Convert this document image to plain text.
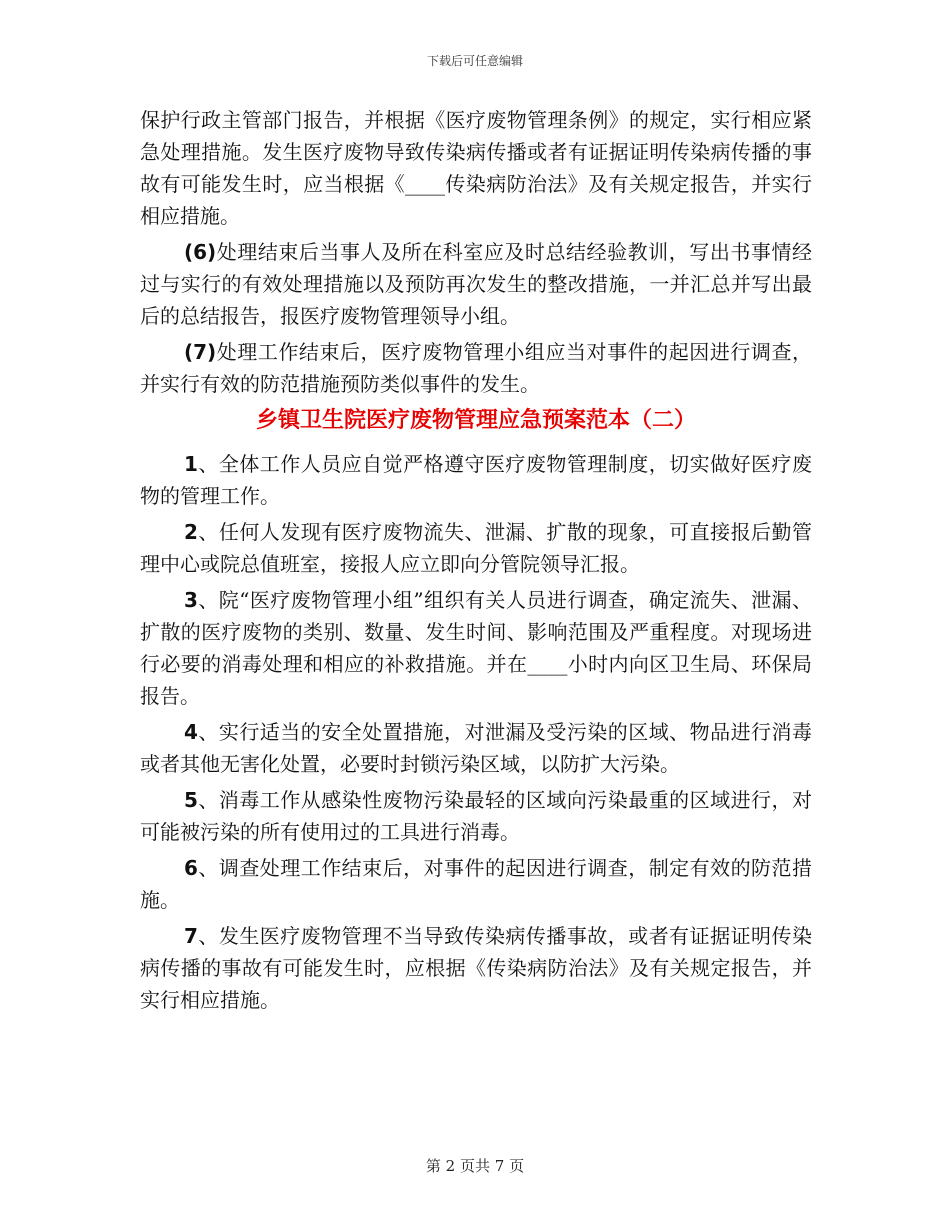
下载后可任意编辑

保护行政主管部门报告，并根据《医疗废物管理条例》的规定，实行相应紧急处理措施。发生医疗废物导致传染病传播或者有证据证明传染病传播的事故有可能发生时，应当根据《____传染病防治法》及有关规定报告，并实行相应措施。

(6)处理结束后当事人及所在科室应及时总结经验教训，写出书事情经过与实行的有效处理措施以及预防再次发生的整改措施，一并汇总并写出最后的总结报告，报医疗废物管理领导小组。

(7)处理工作结束后，医疗废物管理小组应当对事件的起因进行调查，并实行有效的防范措施预防类似事件的发生。

乡镇卫生院医疗废物管理应急预案范本（二）

1、全体工作人员应自觉严格遵守医疗废物管理制度，切实做好医疗废物的管理工作。

2、任何人发现有医疗废物流失、泄漏、扩散的现象，可直接报后勤管理中心或院总值班室，接报人应立即向分管院领导汇报。

3、院“医疗废物管理小组”组织有关人员进行调查，确定流失、泄漏、扩散的医疗废物的类别、数量、发生时间、影响范围及严重程度。对现场进行必要的消毒处理和相应的补救措施。并在____小时内向区卫生局、环保局报告。

4、实行适当的安全处置措施，对泄漏及受污染的区域、物品进行消毒或者其他无害化处置，必要时封锁污染区域，以防扩大污染。

5、消毒工作从感染性废物污染最轻的区域向污染最重的区域进行，对可能被污染的所有使用过的工具进行消毒。

6、调查处理工作结束后，对事件的起因进行调查，制定有效的防范措施。

7、发生医疗废物管理不当导致传染病传播事故，或者有证据证明传染病传播的事故有可能发生时，应根据《传染病防治法》及有关规定报告，并实行相应措施。

第 2 页共 7 页
